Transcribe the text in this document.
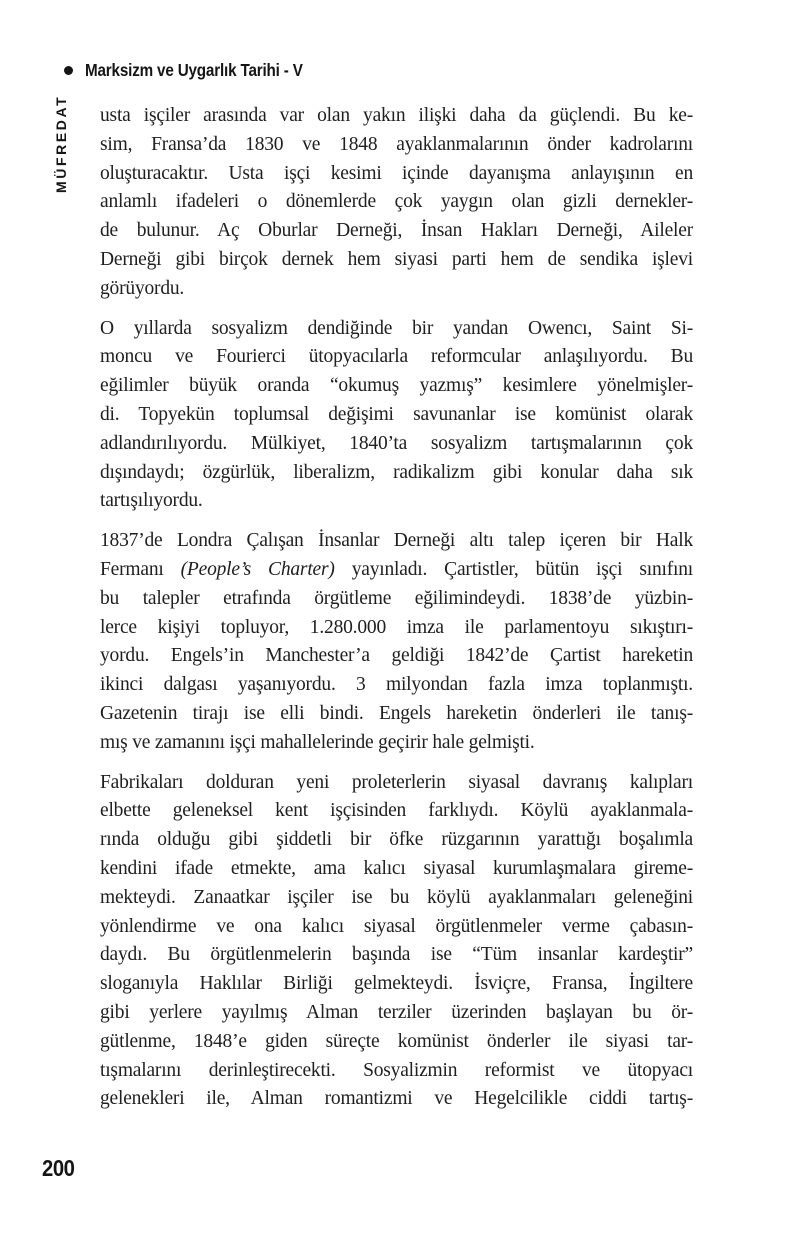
Marksizm ve Uygarlık Tarihi - V
MÜFREDAT usta işçiler arasında var olan yakın ilişki daha da güçlendi. Bu ke-
sim, Fransa’da 1830 ve 1848 ayaklanmalarının önder kadrolarını
oluşturacaktır. Usta işçi kesimi içinde dayanışma anlayışının en
anlamlı ifadeleri o dönemlerde çok yaygın olan gizli dernekler-
de bulunur. Aç Oburlar Derneği, İnsan Hakları Derneği, Aileler
Derneği gibi birçok dernek hem siyasi parti hem de sendika işlevi
görüyordu.

O yıllarda sosyalizm dendiğinde bir yandan Owencı, Saint Si-
moncu ve Fourierci ütopyacılarla reformcular anlaşılıyordu. Bu
eğilimler büyük oranda “okumuş yazmış” kesimlere yönelmişler-
di. Topyekün toplumsal değişimi savunanlar ise komünist olarak
adlandırılıyordu. Mülkiyet, 1840’ta sosyalizm tartışmalarının çok
dışındaydı; özgürlük, liberalizm, radikalizm gibi konular daha sık
tartışılıyordu.

1837’de Londra Çalışan İnsanlar Derneği altı talep içeren bir Halk
Fermanı (People’s Charter) yayınladı. Çartistler, bütün işçi sınıfını
bu talepler etrafında örgütleme eğilimindeydi. 1838’de yüzbin-
lerce kişiyi topluyor, 1.280.000 imza ile parlamentoyu sıkıştırı-
yordu. Engels’in Manchester’a geldiği 1842’de Çartist hareketin
ikinci dalgası yaşanıyordu. 3 milyondan fazla imza toplanmıştı.
Gazetenin tirajı ise elli bindi. Engels hareketin önderleri ile tanış-
mış ve zamanını işçi mahallelerinde geçirir hale gelmişti.

Fabrikaları dolduran yeni proleterlerin siyasal davranış kalıpları
elbette geleneksel kent işçisinden farklıydı. Köylü ayaklanmala-
rında olduğu gibi şiddetli bir öfke rüzgarının yarattığı boşalımla
kendini ifade etmekte, ama kalıcı siyasal kurumlaşmalara gireme-
mekteydi. Zanaatkar işçiler ise bu köylü ayaklanmaları geleneğini
yönlendirme ve ona kalıcı siyasal örgütlenmeler verme çabasın-
daydı. Bu örgütlenmelerin başında ise “Tüm insanlar kardeştir”
sloganıyla Haklılar Birliği gelmekteydi. İsviçre, Fransa, İngiltere
gibi yerlere yayılmış Alman terziler üzerinden başlayan bu ör-
gütlenme, 1848’e giden süreçte komünist önderler ile siyasi tar-
tışmalarını derinleştirecekti. Sosyalizmin reformist ve ütopyacı
gelenekleri ile, Alman romantizmi ve Hegelcilikle ciddi tartış-

200
